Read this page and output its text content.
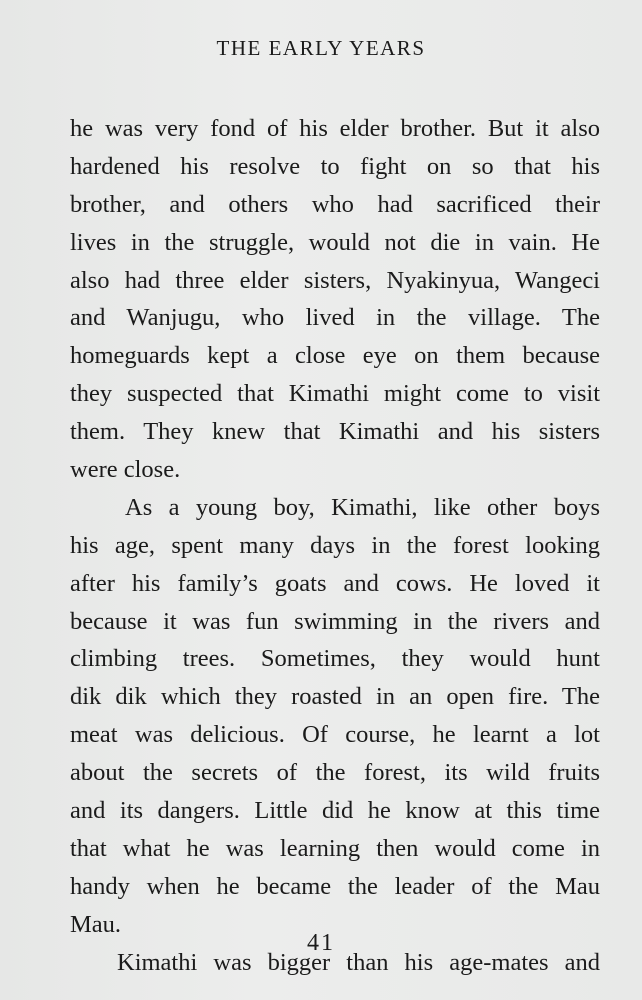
THE EARLY YEARS
he was very fond of his elder brother. But it also
hardened his resolve to fight on so that his
brother, and others who had sacrificed their
lives in the struggle, would not die in vain. He
also had three elder sisters, Nyakinyua, Wangeci
and Wanjugu, who lived in the village. The
homeguards kept a close eye on them because
they suspected that Kimathi might come to visit
them. They knew that Kimathi and his sisters
were close.
As a young boy, Kimathi, like other boys
his age, spent many days in the forest looking
after his family’s goats and cows. He loved it
because it was fun swimming in the rivers and
climbing trees. Sometimes, they would hunt
dik dik which they roasted in an open fire. The
meat was delicious. Of course, he learnt a lot
about the secrets of the forest, its wild fruits
and its dangers. Little did he know at this time
that what he was learning then would come in
handy when he became the leader of the Mau
Mau.
Kimathi was bigger than his age-mates and
41
